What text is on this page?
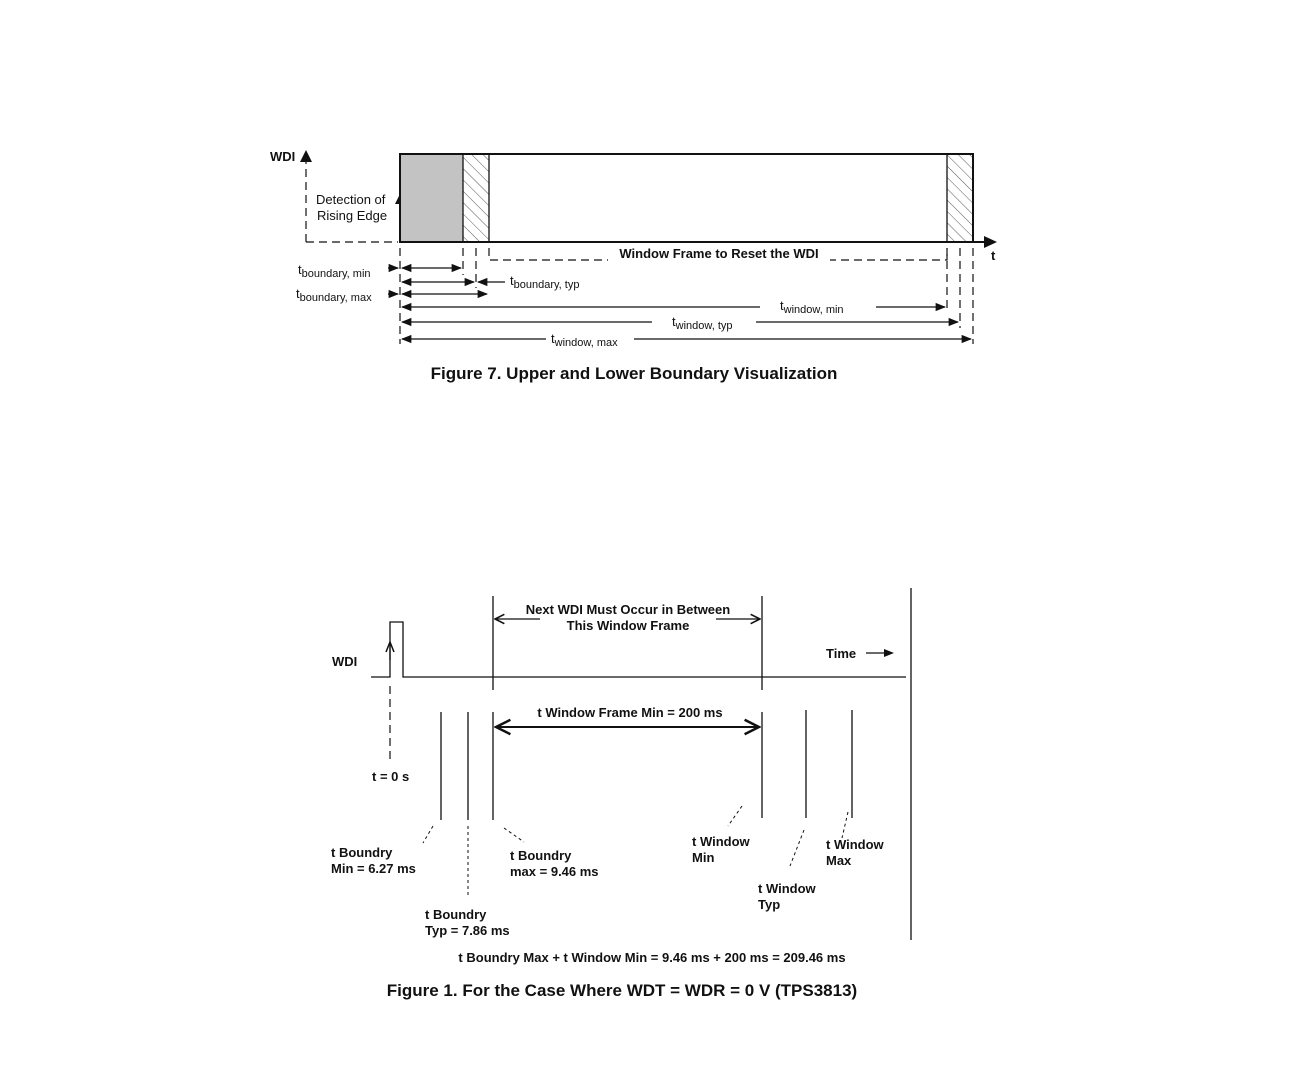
WDI
Detection of
Rising Edge
t
Window Frame to Reset the WDI
tboundary, min	tboundary, typ
tboundary, max	twindow, min
twindow, typ
twindow, max
Figure 7. Upper and Lower Boundary Visualization
WDI
Time
t = 0 s
Next WDI Must Occur in Between
This Window Frame
t Window Frame Min = 200 ms
t Boundry
Min = 6.27 ms
t Boundry
Typ = 7.86 ms
t Boundry
max = 9.46 ms
t Window
Min
t Window
Typ
t Window
Max
t Boundry Max + t Window Min = 9.46 ms + 200 ms = 209.46 ms
Figure 1. For the Case Where WDT = WDR = 0 V (TPS3813)
